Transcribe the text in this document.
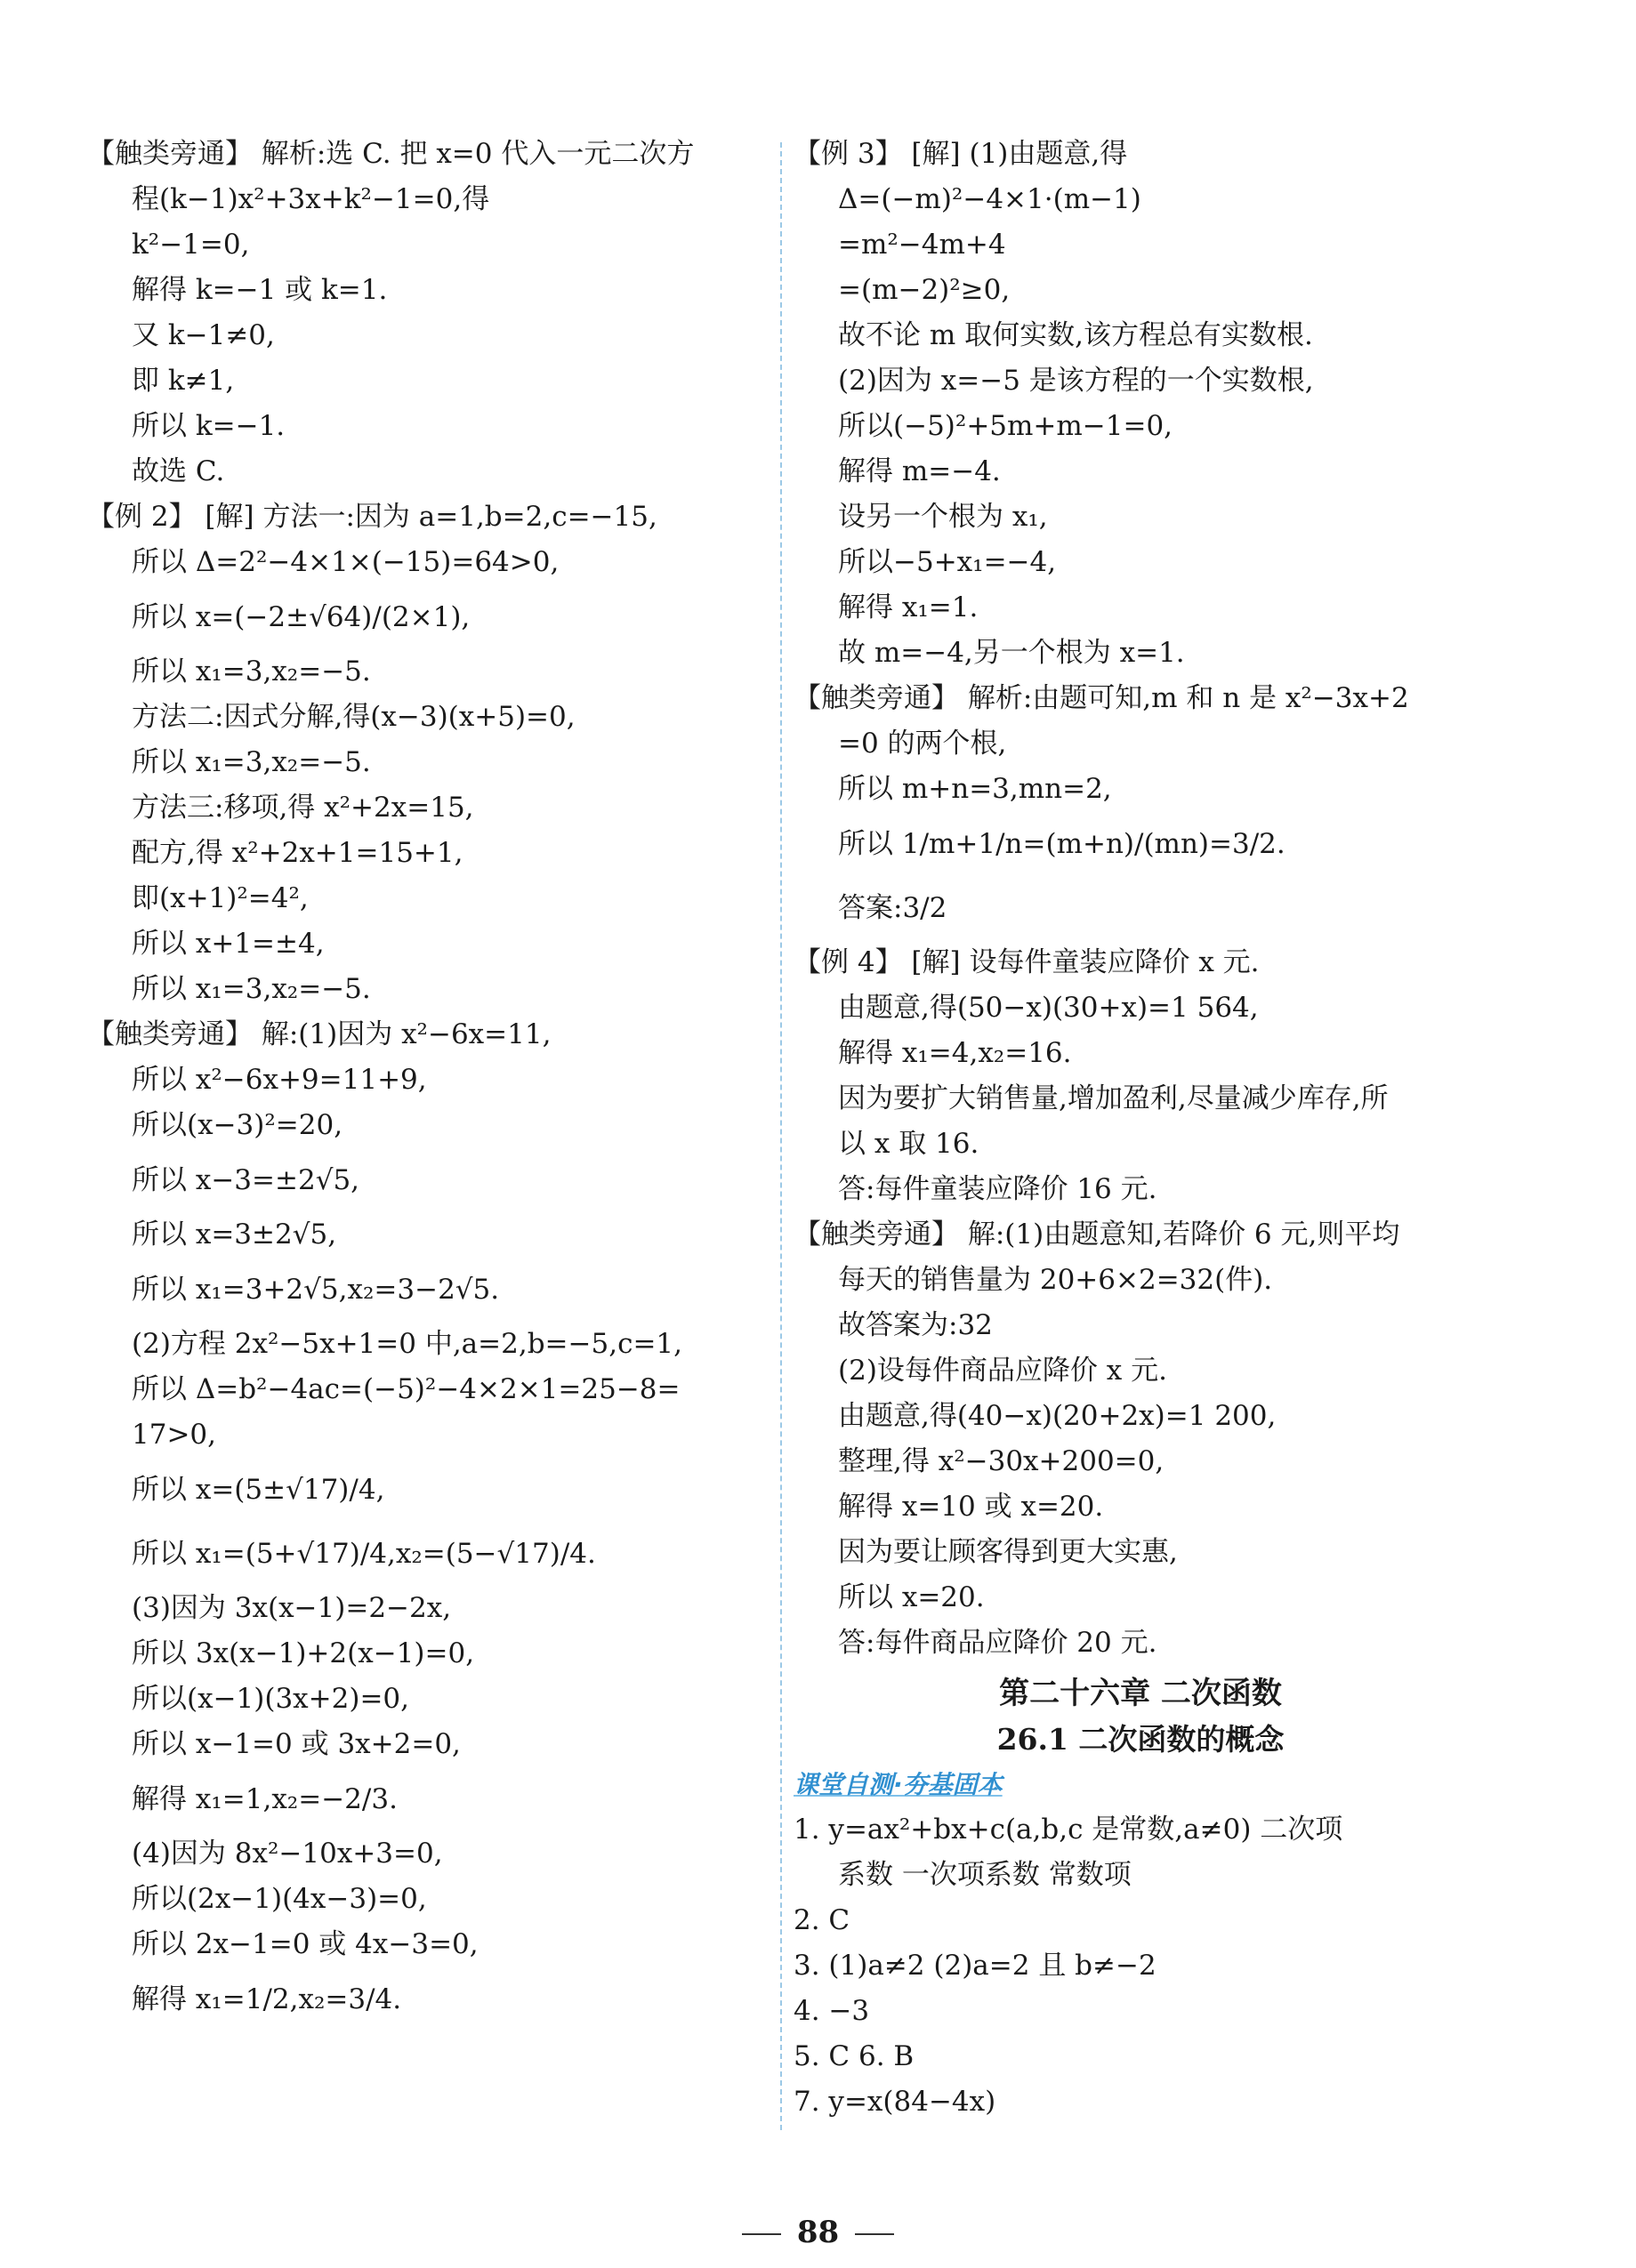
【触类旁通】 解析:选 C. 把 x=0 代入一元二次方
程(k−1)x²+3x+k²−1=0,得
k²−1=0,
解得 k=−1 或 k=1.
又 k−1≠0,
即 k≠1,
所以 k=−1.
故选 C.
【例 2】 [解] 方法一:因为 a=1,b=2,c=−15,
所以 Δ=2²−4×1×(−15)=64>0,
所以 x=(−2±√64)/(2×1),
所以 x₁=3,x₂=−5.
方法二:因式分解,得(x−3)(x+5)=0,
所以 x₁=3,x₂=−5.
方法三:移项,得 x²+2x=15,
配方,得 x²+2x+1=15+1,
即(x+1)²=4²,
所以 x+1=±4,
所以 x₁=3,x₂=−5.
【触类旁通】 解:(1)因为 x²−6x=11,
所以 x²−6x+9=11+9,
所以(x−3)²=20,
所以 x−3=±2√5,
所以 x=3±2√5,
所以 x₁=3+2√5,x₂=3−2√5.
(2)方程 2x²−5x+1=0 中,a=2,b=−5,c=1,
所以 Δ=b²−4ac=(−5)²−4×2×1=25−8=
17>0,
所以 x=(5±√17)/4,
所以 x₁=(5+√17)/4,x₂=(5−√17)/4.
(3)因为 3x(x−1)=2−2x,
所以 3x(x−1)+2(x−1)=0,
所以(x−1)(3x+2)=0,
所以 x−1=0 或 3x+2=0,
解得 x₁=1,x₂=−2/3.
(4)因为 8x²−10x+3=0,
所以(2x−1)(4x−3)=0,
所以 2x−1=0 或 4x−3=0,
解得 x₁=1/2,x₂=3/4.
【例 3】 [解] (1)由题意,得
Δ=(−m)²−4×1·(m−1)
=m²−4m+4
=(m−2)²≥0,
故不论 m 取何实数,该方程总有实数根.
(2)因为 x=−5 是该方程的一个实数根,
所以(−5)²+5m+m−1=0,
解得 m=−4.
设另一个根为 x₁,
所以−5+x₁=−4,
解得 x₁=1.
故 m=−4,另一个根为 x=1.
【触类旁通】 解析:由题可知,m 和 n 是 x²−3x+2
=0 的两个根,
所以 m+n=3,mn=2,
所以 1/m+1/n=(m+n)/(mn)=3/2.
答案:3/2
【例 4】 [解] 设每件童装应降价 x 元.
由题意,得(50−x)(30+x)=1 564,
解得 x₁=4,x₂=16.
因为要扩大销售量,增加盈利,尽量减少库存,所
以 x 取 16.
答:每件童装应降价 16 元.
【触类旁通】 解:(1)由题意知,若降价 6 元,则平均
每天的销售量为 20+6×2=32(件).
故答案为:32
(2)设每件商品应降价 x 元.
由题意,得(40−x)(20+2x)=1 200,
整理,得 x²−30x+200=0,
解得 x=10 或 x=20.
因为要让顾客得到更大实惠,
所以 x=20.
答:每件商品应降价 20 元.
第二十六章 二次函数
26.1 二次函数的概念
课堂自测·夯基固本
1. y=ax²+bx+c(a,b,c 是常数,a≠0) 二次项
系数 一次项系数 常数项
2. C
3. (1)a≠2 (2)a=2 且 b≠−2
4. −3
5. C 6. B
7. y=x(84−4x)
88
